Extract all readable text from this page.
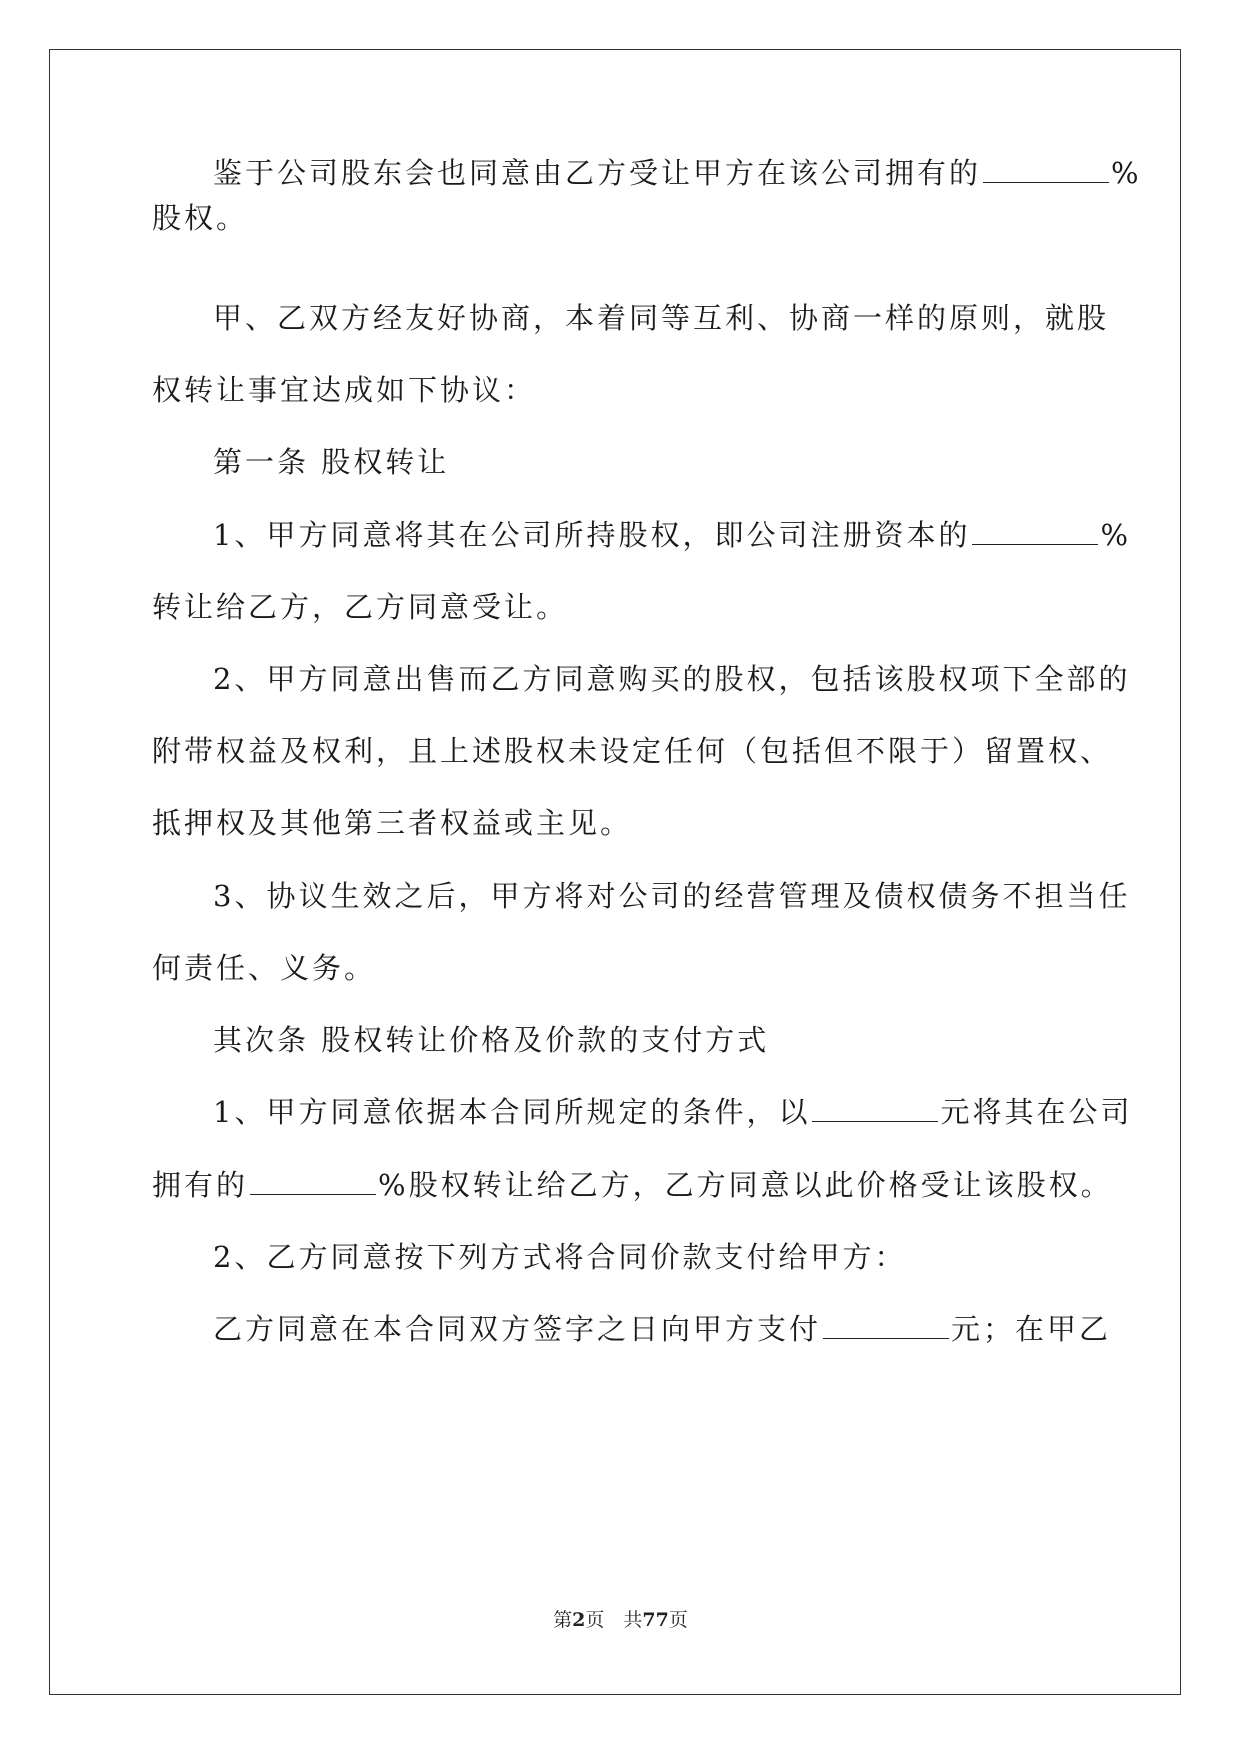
鉴于公司股东会也同意由乙方受让甲方在该公司拥有的	%
股权。
甲、乙双方经友好协商，本着同等互利、协商一样的原则，就股
权转让事宜达成如下协议：
第一条 股权转让
1、甲方同意将其在公司所持股权，即公司注册资本的	%
转让给乙方，乙方同意受让。
2、甲方同意出售而乙方同意购买的股权，包括该股权项下全部的
附带权益及权利，且上述股权未设定任何（包括但不限于）留置权、
抵押权及其他第三者权益或主见。
3、协议生效之后，甲方将对公司的经营管理及债权债务不担当任
何责任、义务。
其次条 股权转让价格及价款的支付方式
1、甲方同意依据本合同所规定的条件，以	元将其在公司
拥有的	%股权转让给乙方，乙方同意以此价格受让该股权。
2、乙方同意按下列方式将合同价款支付给甲方：
乙方同意在本合同双方签字之日向甲方支付	元；在甲乙
第2页　共77页
